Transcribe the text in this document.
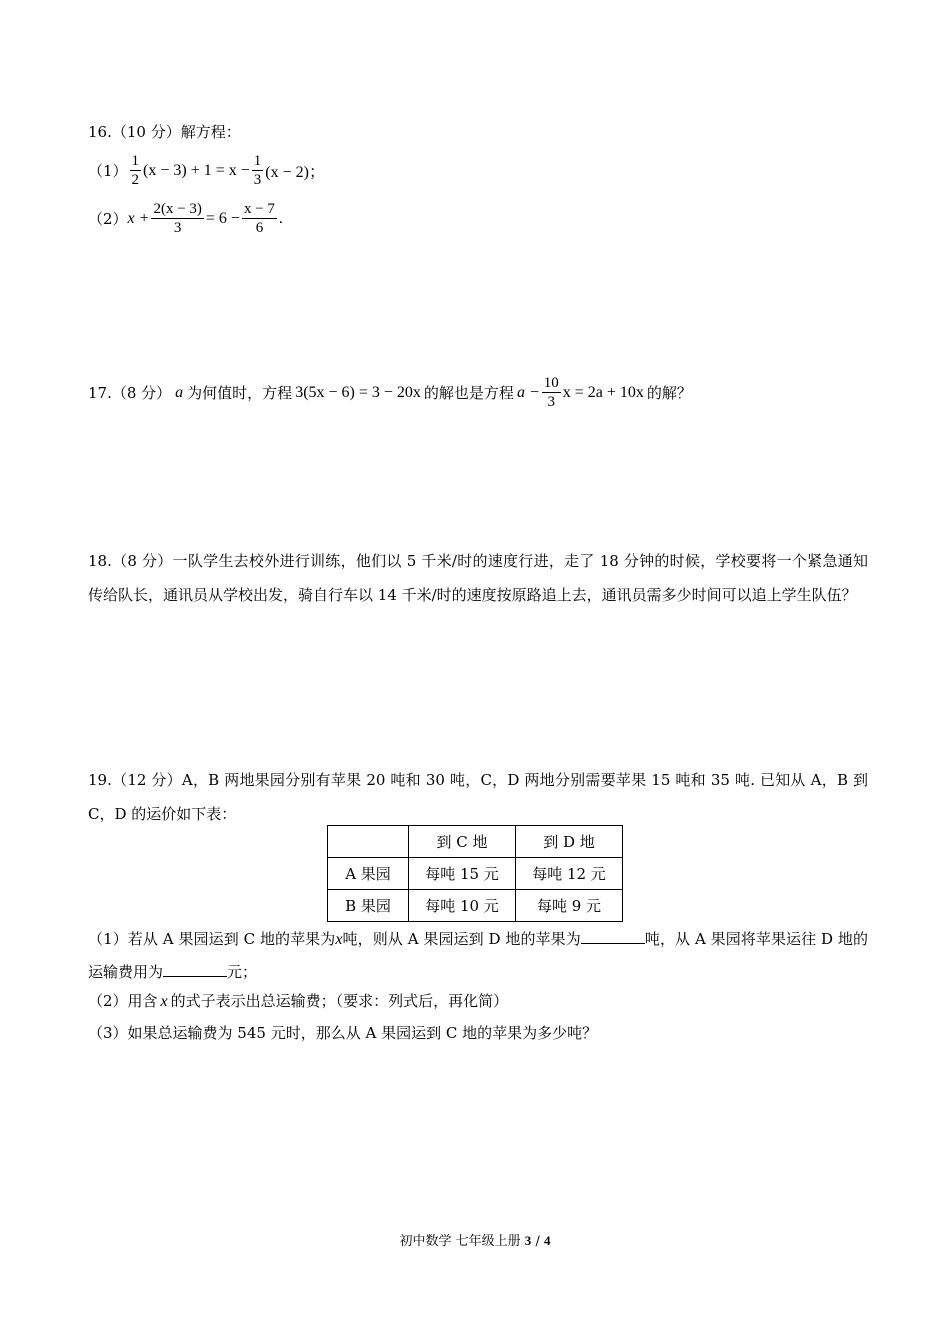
16.（10 分）解方程：
$(1) \frac{1}{2} (x - 3) + 1 = x - \frac{1}{3} (x - 2)$；
（2） $x + \frac{2(x - 3)}{3} = 6 - \frac{x - 7}{6}$ .
17.（8 分） a 为何值时，方程 3(5x − 6) = 3 − 20x 的解也是方程 $a - \frac{10}{3}$ x = 2a + 10x 的解？
18.（8 分）一队学生去校外进行训练，他们以 5 千米/时的速度行进，走了 18 分钟的时候，学校要将一个紧急通知传给队长，通讯员从学校出发，骑自行车以 14 千米/时的速度按原路追上去，通讯员需多少时间可以追上学生队伍？
19.（12 分）A，B 两地果园分别有苹果 20 吨和 30 吨，C，D 两地分别需要苹果 15 吨和 35 吨. 已知从 A，B 到 C，D 的运价如下表：
	到 C 地	到 D 地
A 果园	每吨 15 元	每吨 12 元
B 果园	每吨 10 元	每吨 9 元
（1）若从 A 果园运到 C 地的苹果为x吨，则从 A 果园运到 D 地的苹果为	吨，从 A 果园将苹果运往 D 地的运输费用为	元；
（2）用含 x 的式子表示出总运输费；（要求：列式后，再化简）
（3）如果总运输费为 545 元时，那么从 A 果园运到 C 地的苹果为多少吨？
初中数学 七年级上册 3 / 4
